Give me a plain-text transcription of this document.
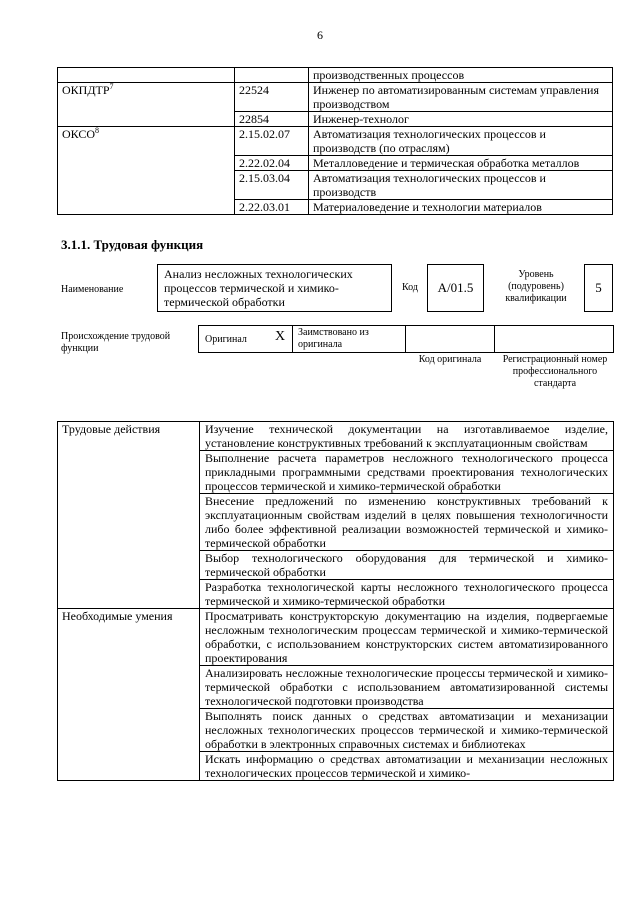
6
		производственных процессов
ОКПДТР$^7$	22524	Инженер по автоматизированным системам управления производством
	22854	Инженер-технолог
ОКСО$^8$	2.15.02.07	Автоматизация технологических процессов и производств (по отраслям)
	2.22.02.04	Металловедение и термическая обработка металлов
	2.15.03.04	Автоматизация технологических процессов и производств
	2.22.03.01	Материаловедение и технологии материалов
3.1.1. Трудовая функция
Наименование
Анализ несложных технологических процессов термической и химико-термической обработки
Код	A/01.5
Уровень (подуровень) квалификации
5
Происхождение трудовой функции
Оригинал X Заимствовано из оригинала
Код оригинала	Регистрационный номер профессионального стандарта
Трудовые действия	Изучение технической документации на изготавливаемое изделие, установление конструктивных требований к эксплуатационным свойствам
	Выполнение расчета параметров несложного технологического процесса прикладными программными средствами проектирования технологических процессов термической и химико-термической обработки
	Внесение предложений по изменению конструктивных требований к эксплуатационным свойствам изделий в целях повышения технологичности либо более эффективной реализации возможностей термической и химико-термической обработки
	Выбор технологического оборудования для термической и химико-термической обработки
	Разработка технологической карты несложного технологического процесса термической и химико-термической обработки
Необходимые умения	Просматривать конструкторскую документацию на изделия, подвергаемые несложным технологическим процессам термической и химико-термической обработки, с использованием конструкторских систем автоматизированного проектирования
	Анализировать несложные технологические процессы термической и химико-термической обработки с использованием автоматизированной системы технологической подготовки производства
	Выполнять поиск данных о средствах автоматизации и механизации несложных технологических процессов термической и химико-термической обработки в электронных справочных системах и библиотеках
	Искать информацию о средствах автоматизации и механизации несложных технологических процессов термической и химико-
